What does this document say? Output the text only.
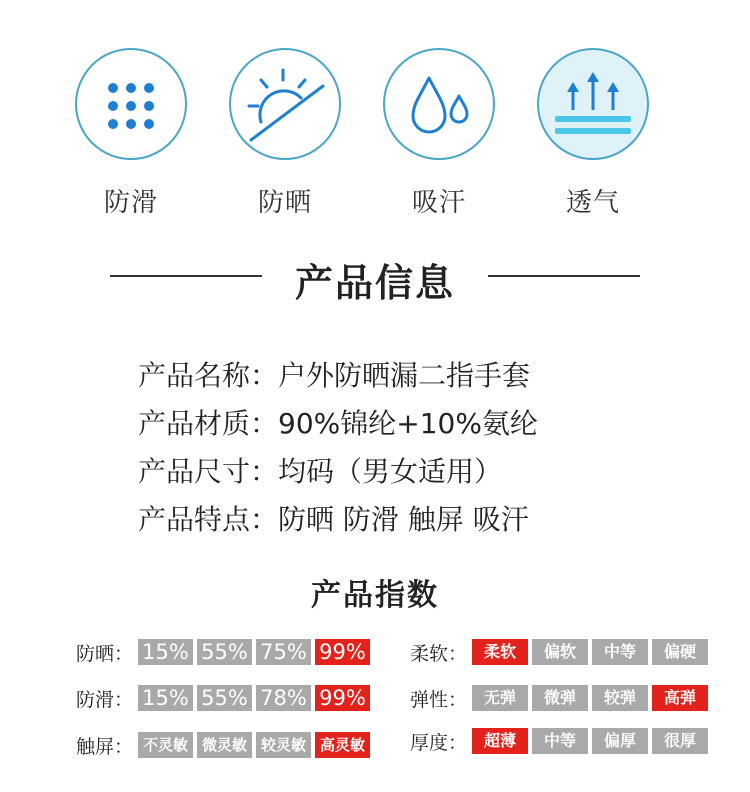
防滑	防晒	吸汗	透气
产品信息
产品名称：户外防晒漏二指手套
产品材质：90%锦纶+10%氨纶
产品尺寸：均码（男女适用）
产品特点：防晒 防滑 触屏 吸汗
产品指数
防晒： 15% 55% 75% 99%
防滑： 15% 55% 78% 99%
触屏： 不灵敏 微灵敏 较灵敏 高灵敏
柔软：	柔软	偏软	中等	偏硬
弹性：	无弹	微弹	较弹	高弹
厚度：	超薄	中等	偏厚	很厚
